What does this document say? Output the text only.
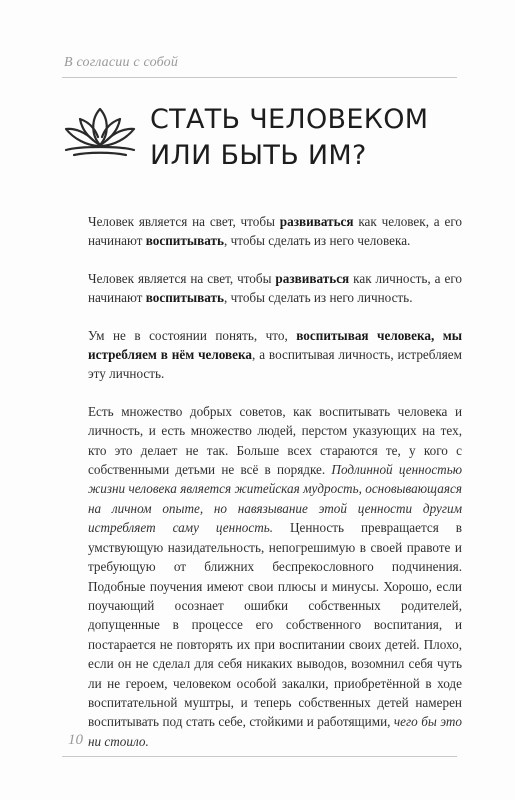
В согласии с собой
СТАТЬ ЧЕЛОВЕКОМ
ИЛИ БЫТЬ ИМ?

Человек является на свет, чтобы развиваться как человек, а его начинают воспитывать, чтобы сделать из него человека.

Человек является на свет, чтобы развиваться как личность, а его начинают воспитывать, чтобы сделать из него личность.

Ум не в состоянии понять, что, воспитывая человека, мы истребляем в нём человека, а воспитывая личность, истребляем эту личность.

Есть множество добрых советов, как воспитывать человека и личность, и есть множество людей, перстом указующих на тех, кто это делает не так. Больше всех стараются те, у кого с собственными детьми не всё в порядке. Подлинной ценностью жизни человека является житейская мудрость, основывающаяся на личном опыте, но навязывание этой ценности другим истребляет саму ценность. Ценность превращается в умствующую назидательность, непогрешимую в своей правоте и требующую от ближних беспрекословного подчинения. Подобные поучения имеют свои плюсы и минусы. Хорошо, если поучающий осознает ошибки собственных родителей, допущенные в процессе его собственного воспитания, и постарается не повторять их при воспитании своих детей. Плохо, если он не сделал для себя никаких выводов, возомнил себя чуть ли не героем, человеком особой закалки, приобретённой в ходе воспитательной муштры, и теперь собственных детей намерен воспитывать под стать себе, стойкими и работящими, чего бы это ни стоило.

10
